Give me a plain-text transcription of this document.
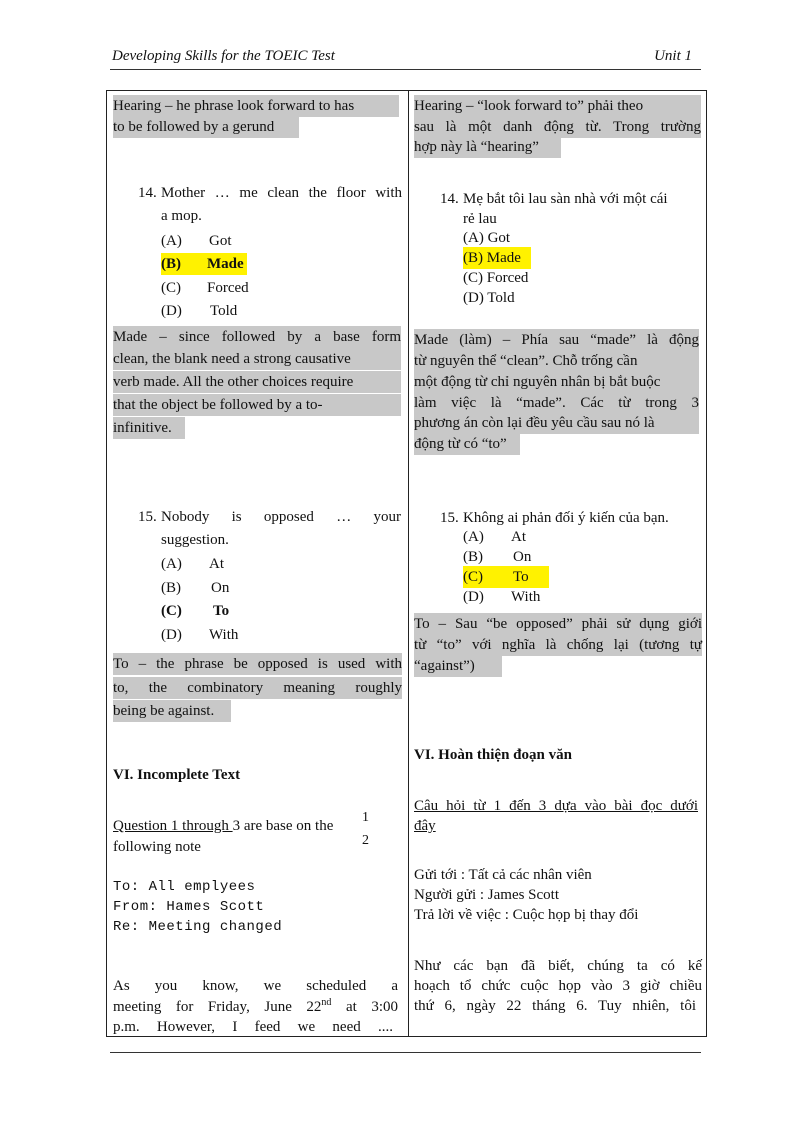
Developing Skills for the TOEIC Test	Unit 1
Hearing – he phrase look forward to has
to be followed by a gerund
14. Mother … me clean the floor with
a mop.
(A) Got
(B) Made
(C) Forced
(D) Told
Made – since followed by a base form
clean, the blank need a strong causative
verb made. All the other choices require
that the object be followed by a to-
infinitive.
15. Nobody is opposed … your
suggestion.
(A) At
(B) On
(C) To
(D) With
To – the phrase be opposed is used with
to, the combinatory meaning roughly
being be against.
VI. Incomplete Text
Question 1 through 3 are base on the
following note
1
2
To: All emplyees
From: Hames Scott
Re: Meeting changed
As you know, we scheduled a
meeting for Friday, June 22nd at 3:00
p.m. However, I feed we need ....
Hearing – “look forward to” phải theo
sau là một danh động từ. Trong trường
hợp này là “hearing”
14. Mẹ bắt tôi lau sàn nhà với một cái
rẻ lau
(A) Got
(B) Made
(C) Forced
(D) Told
Made (làm) – Phía sau “made” là động
từ nguyên thể “clean”. Chỗ trống cần
một động từ chỉ nguyên nhân bị bắt buộc
làm việc là “made”. Các từ trong 3
phương án còn lại đều yêu cầu sau nó là
động từ có “to”
15. Không ai phản đối ý kiến của bạn.
(A) At
(B) On
(C) To
(D) With
To – Sau “be opposed” phải sử dụng giới
từ “to” với nghĩa là chống lại (tương tự
“against”)
VI. Hoàn thiện đoạn văn
Câu hỏi từ 1 đến 3 dựa vào bài đọc dưới
đây
Gửi tới : Tất cả các nhân viên
Người gửi : James Scott
Trả lời về việc : Cuộc họp bị thay đổi
Như các bạn đã biết, chúng ta có kế
hoạch tổ chức cuộc họp vào 3 giờ chiều
thứ 6, ngày 22 tháng 6. Tuy nhiên, tôi
